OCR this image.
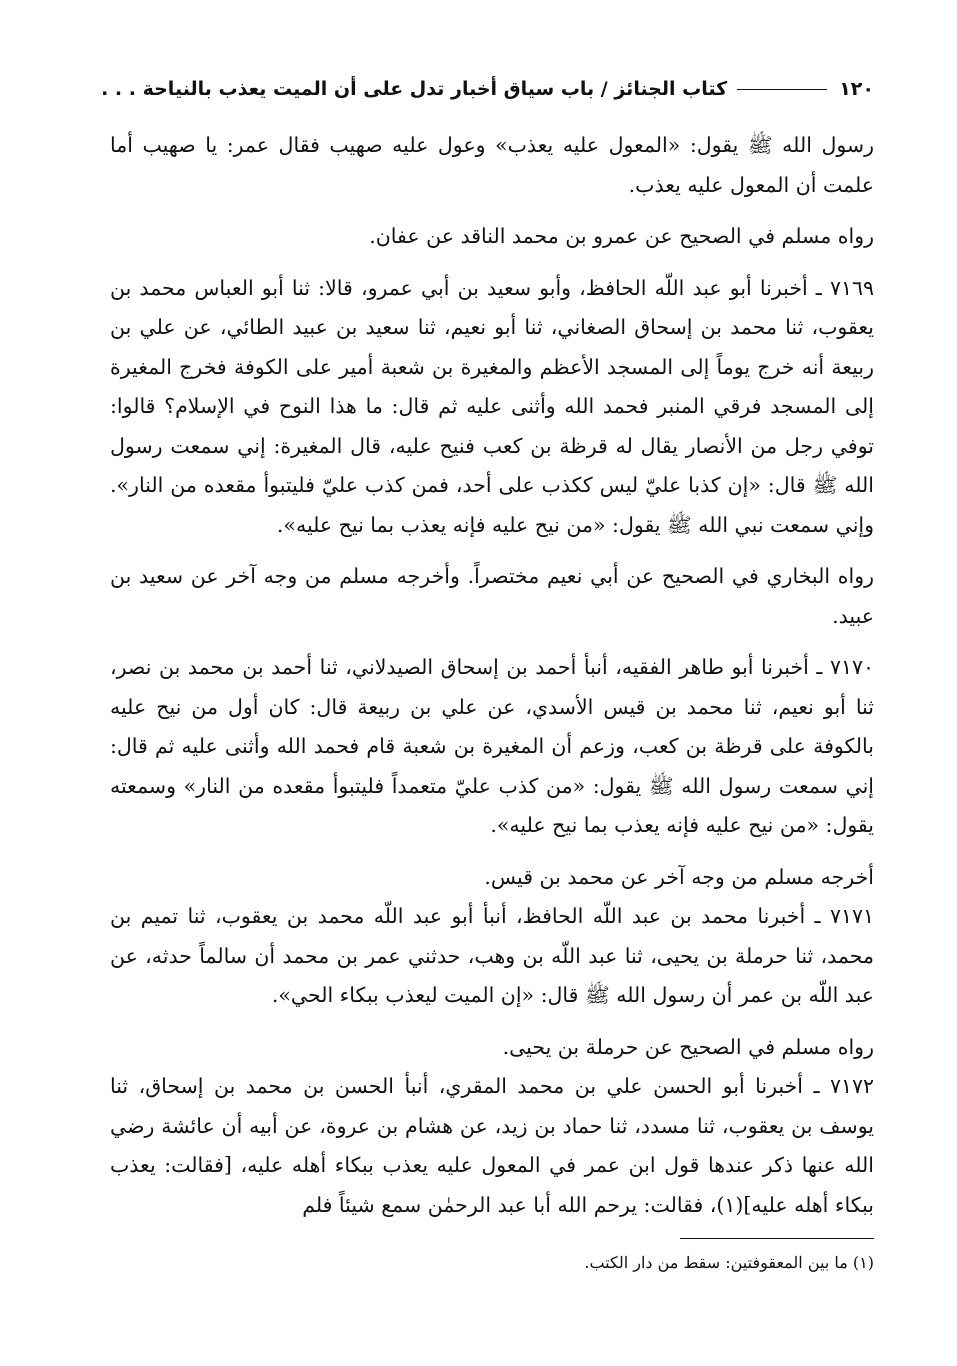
١٢٠
كتاب الجنائز / باب سياق أخبار تدل على أن الميت يعذب بالنياحة . . .

رسول الله ﷺ يقول: «المعول عليه يعذب» وعول عليه صهيب فقال عمر: يا صهيب أما علمت أن المعول عليه يعذب.

رواه مسلم في الصحيح عن عمرو بن محمد الناقد عن عفان.

٧١٦٩ ـ أخبرنا أبو عبد اللّه الحافظ، وأبو سعيد بن أبي عمرو، قالا: ثنا أبو العباس محمد بن يعقوب، ثنا محمد بن إسحاق الصغاني، ثنا أبو نعيم، ثنا سعيد بن عبيد الطائي، عن علي بن ربيعة أنه خرج يوماً إلى المسجد الأعظم والمغيرة بن شعبة أمير على الكوفة فخرج المغيرة إلى المسجد فرقي المنبر فحمد الله وأثنى عليه ثم قال: ما هذا النوح في الإسلام؟ قالوا: توفي رجل من الأنصار يقال له قرظة بن كعب فنيح عليه، قال المغيرة: إني سمعت رسول الله ﷺ قال: «إن كذبا عليّ ليس ككذب على أحد، فمن كذب عليّ فليتبوأ مقعده من النار». وإني سمعت نبي الله ﷺ يقول: «من نيح عليه فإنه يعذب بما نيح عليه».

رواه البخاري في الصحيح عن أبي نعيم مختصراً. وأخرجه مسلم من وجه آخر عن سعيد بن عبيد.

٧١٧٠ ـ أخبرنا أبو طاهر الفقيه، أنبأ أحمد بن إسحاق الصيدلاني، ثنا أحمد بن محمد بن نصر، ثنا أبو نعيم، ثنا محمد بن قيس الأسدي، عن علي بن ربيعة قال: كان أول من نيح عليه بالكوفة على قرظة بن كعب، وزعم أن المغيرة بن شعبة قام فحمد الله وأثنى عليه ثم قال: إني سمعت رسول الله ﷺ يقول: «من كذب عليّ متعمداً فليتبوأ مقعده من النار» وسمعته يقول: «من نيح عليه فإنه يعذب بما نيح عليه».

أخرجه مسلم من وجه آخر عن محمد بن قيس.

٧١٧١ ـ أخبرنا محمد بن عبد اللّه الحافظ، أنبأ أبو عبد اللّه محمد بن يعقوب، ثنا تميم بن محمد، ثنا حرملة بن يحيى، ثنا عبد اللّه بن وهب، حدثني عمر بن محمد أن سالماً حدثه، عن عبد اللّه بن عمر أن رسول الله ﷺ قال: «إن الميت ليعذب ببكاء الحي».

رواه مسلم في الصحيح عن حرملة بن يحيى.

٧١٧٢ ـ أخبرنا أبو الحسن علي بن محمد المقري، أنبأ الحسن بن محمد بن إسحاق، ثنا يوسف بن يعقوب، ثنا مسدد، ثنا حماد بن زيد، عن هشام بن عروة، عن أبيه أن عائشة رضي الله عنها ذكر عندها قول ابن عمر في المعول عليه يعذب ببكاء أهله عليه، [فقالت: يعذب ببكاء أهله عليه](١)، فقالت: يرحم الله أبا عبد الرحمٰن سمع شيئاً فلم

(١) ما بين المعقوفتين: سقط من دار الكتب.
